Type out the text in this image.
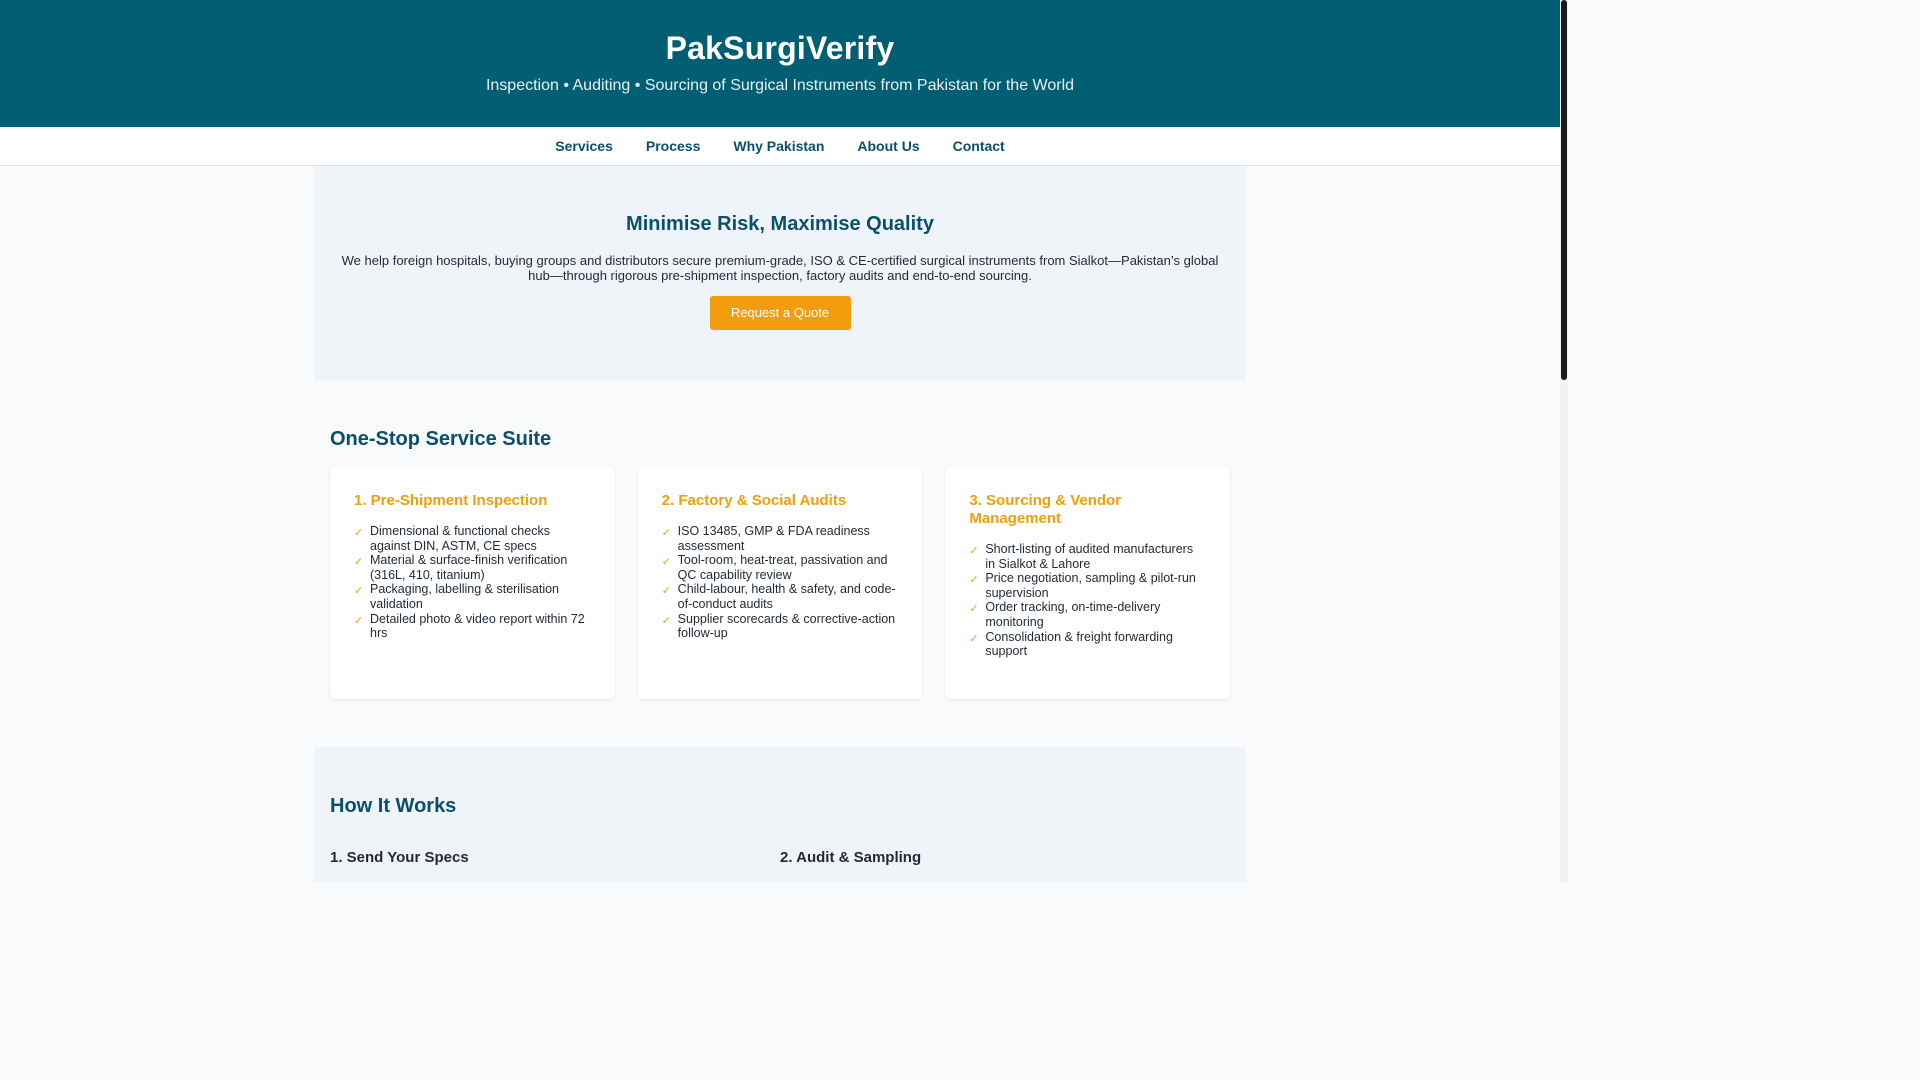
PakSurgiVerify
Inspection • Auditing • Sourcing of Surgical Instruments from Pakistan for the World
Services Process Why Pakistan About Us Contact
Minimise Risk, Maximise Quality

We help foreign hospitals, buying groups and distributors secure premium-grade, ISO & CE-certified surgical instruments from Sialkot—Pakistan’s global hub—through rigorous pre-shipment inspection, factory audits and end-to-end sourcing.

Request a Quote
One-Stop Service Suite
1. Pre-Shipment Inspection
✓ Dimensional & functional checks against DIN, ASTM, CE specs
✓ Material & surface-finish verification (316L, 410, titanium)
✓ Packaging, labelling & sterilisation validation
✓ Detailed photo & video report within 72 hrs
2. Factory & Social Audits
✓ ISO 13485, GMP & FDA readiness assessment
✓ Tool-room, heat-treat, passivation and QC capability review
✓ Child-labour, health & safety, and code-of-conduct audits
✓ Supplier scorecards & corrective-action follow-up
3. Sourcing & Vendor Management
✓ Short-listing of audited manufacturers in Sialkot & Lahore
✓ Price negotiation, sampling & pilot-run supervision
✓ Order tracking, on-time-delivery monitoring
✓ Consolidation & freight forwarding support
How It Works
1. Send Your Specs	2. Audit & Sampling
